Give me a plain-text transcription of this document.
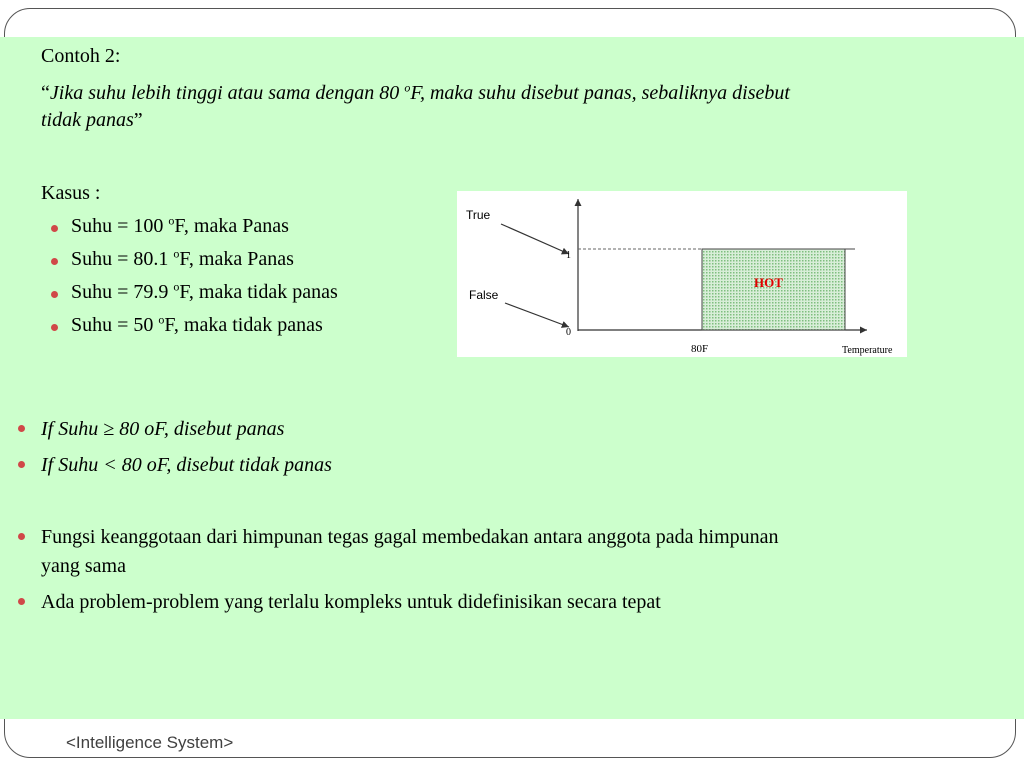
Contoh 2:
“Jika suhu lebih tinggi atau sama dengan 80 $^o$F, maka suhu disebut panas, sebaliknya disebut
tidak panas”
Kasus :
Suhu = 100 $^o$F, maka Panas
Suhu = 80.1 $^o$F, maka Panas
Suhu = 79.9 $^o$F, maka tidak panas
Suhu = 50 $^o$F, maka tidak panas
True
False
1
0
80F	Temperature
HOT
If Suhu ≥ 80 oF, disebut panas
If Suhu < 80 oF, disebut tidak panas
Fungsi keanggotaan dari himpunan tegas gagal membedakan antara anggota pada himpunan
yang sama
Ada problem-problem yang terlalu kompleks untuk didefinisikan secara tepat
<Intelligence System>
